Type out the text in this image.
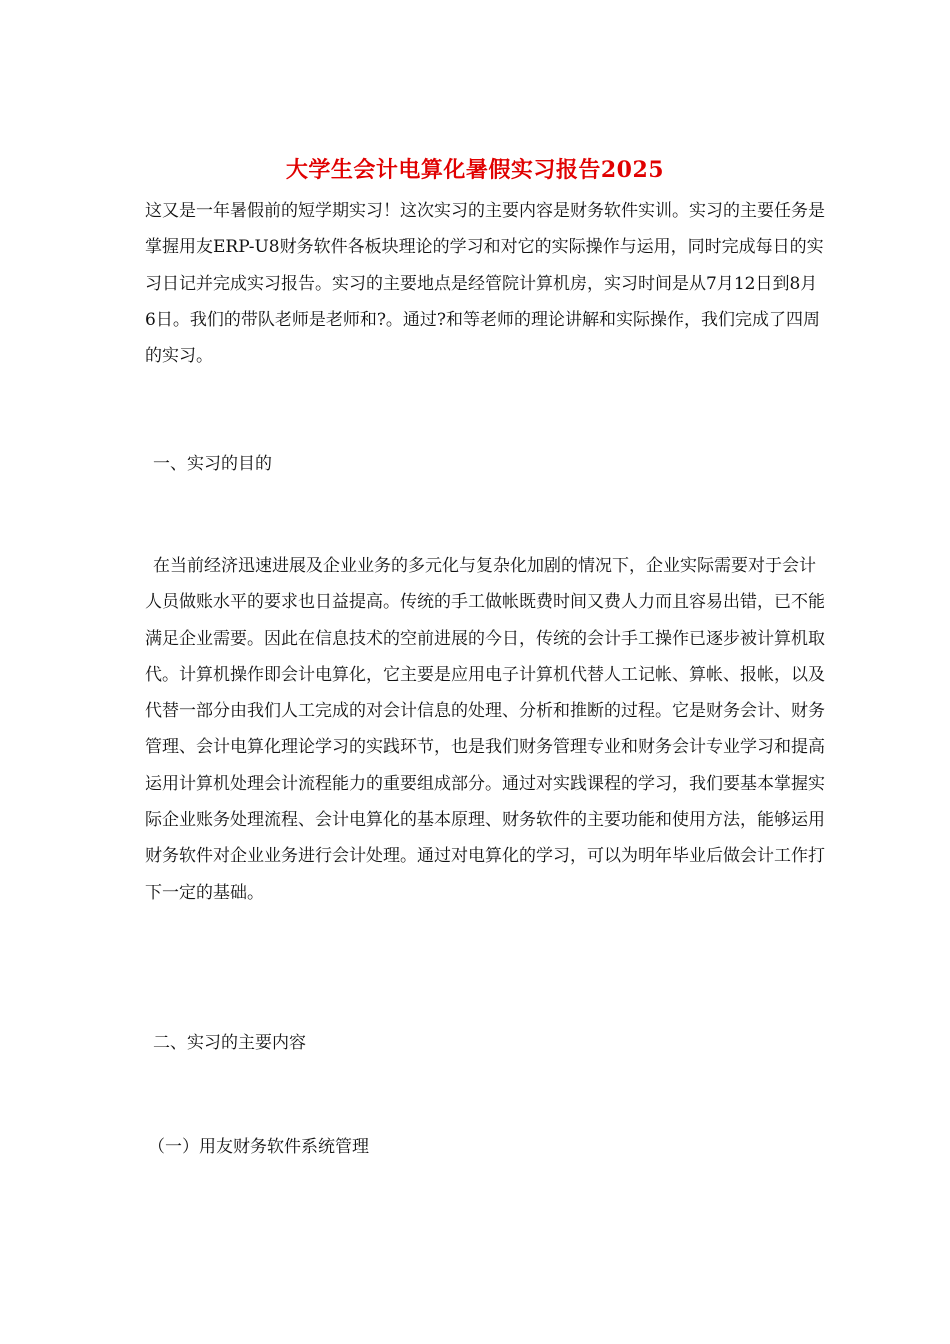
大学生会计电算化暑假实习报告2025

这又是一年暑假前的短学期实习！这次实习的主要内容是财务软件实训。实习的主要任务是掌握用友ERP-U8财务软件各板块理论的学习和对它的实际操作与运用，同时完成每日的实习日记并完成实习报告。实习的主要地点是经管院计算机房，实习时间是从7月12日到8月6日。我们的带队老师是老师和?。通过?和等老师的理论讲解和实际操作，我们完成了四周的实习。

一、实习的目的

在当前经济迅速进展及企业业务的多元化与复杂化加剧的情况下，企业实际需要对于会计人员做账水平的要求也日益提高。传统的手工做帐既费时间又费人力而且容易出错，已不能满足企业需要。因此在信息技术的空前进展的今日，传统的会计手工操作已逐步被计算机取代。计算机操作即会计电算化，它主要是应用电子计算机代替人工记帐、算帐、报帐，以及代替一部分由我们人工完成的对会计信息的处理、分析和推断的过程。它是财务会计、财务管理、会计电算化理论学习的实践环节，也是我们财务管理专业和财务会计专业学习和提高运用计算机处理会计流程能力的重要组成部分。通过对实践课程的学习，我们要基本掌握实际企业账务处理流程、会计电算化的基本原理、财务软件的主要功能和使用方法，能够运用财务软件对企业业务进行会计处理。通过对电算化的学习，可以为明年毕业后做会计工作打下一定的基础。

二、实习的主要内容
（一）用友财务软件系统管理
